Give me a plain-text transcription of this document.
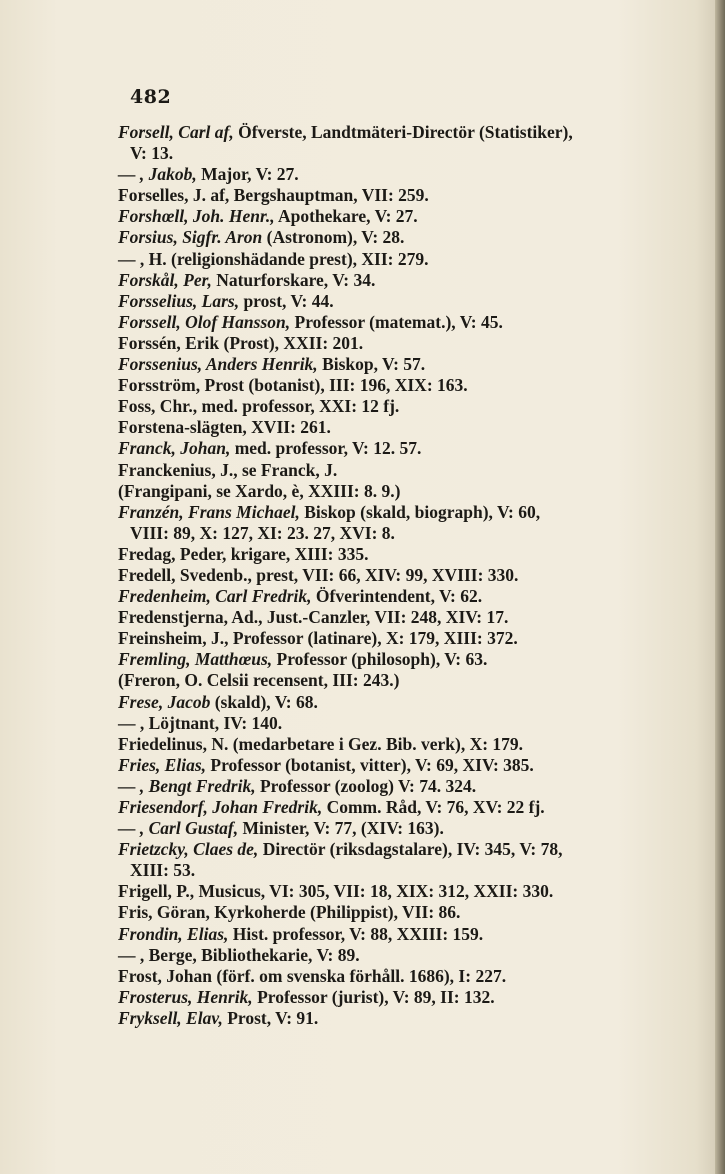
482

Forsell, Carl af, Öfverste, Landtmäteri-Directör (Statistiker),
V: 13.

— , Jakob, Major, V: 27.

Forselles, J. af, Bergshauptman, VII: 259.

Forshœll, Joh. Henr., Apothekare, V: 27.

Forsius, Sigfr. Aron (Astronom), V: 28.

— , H. (religionshädande prest), XII: 279.

Forskål, Per, Naturforskare, V: 34.

Forsselius, Lars, prost, V: 44.

Forssell, Olof Hansson, Professor (matemat.), V: 45.

Forssén, Erik (Prost), XXII: 201.

Forssenius, Anders Henrik, Biskop, V: 57.

Forsström, Prost (botanist), III: 196, XIX: 163.

Foss, Chr., med. professor, XXI: 12 fj.

Forstena-slägten, XVII: 261.

Franck, Johan, med. professor, V: 12. 57.

Franckenius, J., se Franck, J.

(Frangipani, se Xardo, è, XXIII: 8. 9.)

Franzén, Frans Michael, Biskop (skald, biograph), V: 60,
VIII: 89, X: 127, XI: 23. 27, XVI: 8.

Fredag, Peder, krigare, XIII: 335.

Fredell, Svedenb., prest, VII: 66, XIV: 99, XVIII: 330.

Fredenheim, Carl Fredrik, Öfverintendent, V: 62.

Fredenstjerna, Ad., Just.-Canzler, VII: 248, XIV: 17.

Freinsheim, J., Professor (latinare), X: 179, XIII: 372.

Fremling, Matthœus, Professor (philosoph), V: 63.

(Freron, O. Celsii recensent, III: 243.)

Frese, Jacob (skald), V: 68.

— , Löjtnant, IV: 140.

Friedelinus, N. (medarbetare i Gez. Bib. verk), X: 179.

Fries, Elias, Professor (botanist, vitter), V: 69, XIV: 385.

— , Bengt Fredrik, Professor (zoolog) V: 74. 324.

Friesendorf, Johan Fredrik, Comm. Råd, V: 76, XV: 22 fj.

— , Carl Gustaf, Minister, V: 77, (XIV: 163).

Frietzcky, Claes de, Directör (riksdagstalare), IV: 345, V: 78,
XIII: 53.

Frigell, P., Musicus, VI: 305, VII: 18, XIX: 312, XXII: 330.

Fris, Göran, Kyrkoherde (Philippist), VII: 86.

Frondin, Elias, Hist. professor, V: 88, XXIII: 159.

— , Berge, Bibliothekarie, V: 89.

Frost, Johan (förf. om svenska förhåll. 1686), I: 227.

Frosterus, Henrik, Professor (jurist), V: 89, II: 132.

Fryksell, Elav, Prost, V: 91.
